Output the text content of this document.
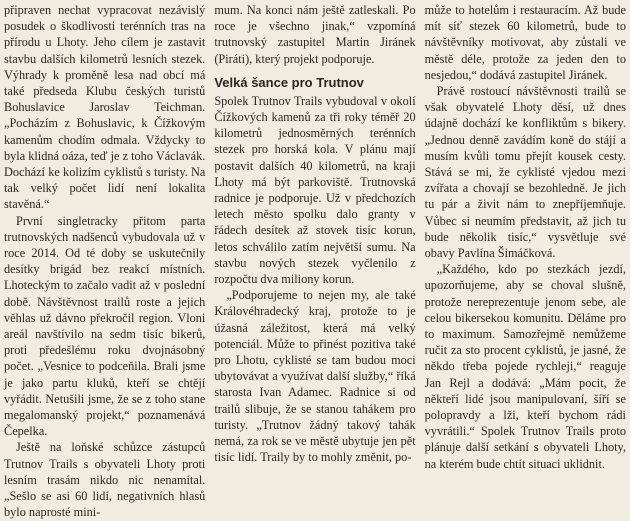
připraven nechat vypracovat nezávislý posudek o škodlivosti terénních tras na přírodu u Lhoty. Jeho cílem je zastavit stavbu dalších kilometrů lesních stezek. Výhrady k proměně lesa nad obcí má také předseda Klubu českých turistů Bohuslavice Jaroslav Teichman. „Pocházím z Bohuslavic, k Čížkovým kamenům chodím odmala. Vždycky to byla klidná oáza, teď je z toho Václavák. Dochází ke kolizím cyklistů s turisty. Na tak velký počet lidí není lokalita stavěná.“

První singletracky přitom parta trutnovských nadšenců vybudovala už v roce 2014. Od té doby se uskutečnily desítky brigád bez reakcí místních. Lhoteckým to začalo vadit až v poslední době. Návštěvnost trailů roste a jejich věhlas už dávno překročil region. Vloni areál navštívilo na sedm tisíc bikerů, proti předešlému roku dvojnásobný počet. „Vesnice to podceňila. Brali jsme je jako partu kluků, kteří se chtějí vyřádit. Netušili jsme, že se z toho stane megalomanský projekt,“ poznamenává Čepelka.

Ještě na loňské schůzce zástupců Trutnov Trails s obyvateli Lhoty proti lesním trasám nikdo nic nenamítal. „Sešlo se asi 60 lidí, negativních hlasů bylo naprosté mini-

mum. Na konci nám ještě zatleskali. Po roce je všechno jinak,“ vzpomíná trutnovský zastupitel Martin Jiránek (Piráti), který projekt podporuje.

Velká šance pro Trutnov

Spolek Trutnov Trails vybudoval v okolí Čížkových kamenů za tři roky téměř 20 kilometrů jednosměrných terénních stezek pro horská kola. V plánu mají postavit dalších 40 kilometrů, na kraji Lhoty má být parkoviště. Trutnovská radnice je podporuje. Už v předchozích letech město spolku dalo granty v řádech desítek až stovek tisíc korun, letos schválilo zatím největší sumu. Na stavbu nových stezek vyčlenilo z rozpočtu dva miliony korun.

„Podporujeme to nejen my, ale také Královéhradecký kraj, protože to je úžasná záležitost, která má velký potenciál. Může to přinést pozitiva také pro Lhotu, cyklisté se tam budou moci ubytovávat a využívat další služby,“ říká starosta Ivan Adamec. Radnice si od trailů slibuje, že se stanou tahákem pro turisty. „Trutnov žádný takový tahák nemá, za rok se ve městě ubytuje jen pět tisíc lidí. Traily by to mohly změnit, po-

může to hotelům i restauracím. Až bude mít síť stezek 60 kilometrů, bude to návštěvníky motivovat, aby zůstali ve městě déle, protože za jeden den to nesjedou,“ dodává zastupitel Jiránek.

Právě rostoucí návštěvnosti trailů se však obyvatelé Lhoty děsí, už dnes údajně dochází ke konfliktům s bikery. „Jednou denně zavádím koně do stájí a musím kvůli tomu přejít kousek cesty. Stává se mi, že cyklisté vjedou mezi zvířata a chovají se bezohledně. Je jich tu pár a živit nám to znepříjemňuje. Vůbec si neumím představit, až jich tu bude několik tisíc,“ vysvětluje své obavy Pavlína Šimáčková.

„Každého, kdo po stezkách jezdí, upozorňujeme, aby se choval slušně, protože nereprezentuje jenom sebe, ale celou bikersekou komunitu. Děláme pro to maximum. Samozřejmě nemůžeme ručit za sto procent cyklistů, je jasné, že někdo třeba pojede rychleji,“ reaguje Jan Rejl a dodává: „Mám pocit, že někteří lidé jsou manipulovaní, šíří se polopravdy a lži, kteří bychom rádi vyvrátili.“ Spolek Trutnov Trails proto plánuje další setkání s obyvateli Lhoty, na kterém bude chtít situaci uklidnit.
